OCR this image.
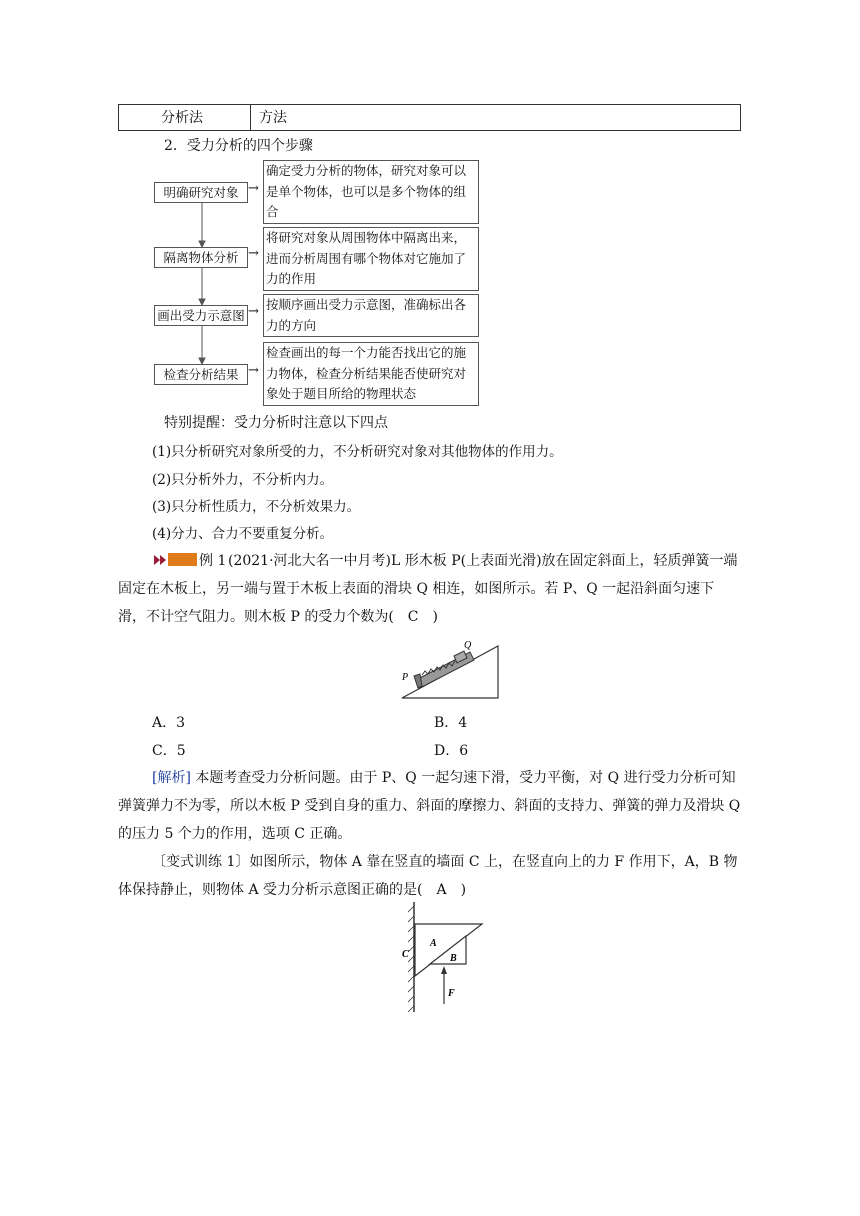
分析法	方法
2．受力分析的四个步骤
明确研究对象 →
确定受力分析的物体，研究对象可以是单个物体，也可以是多个物体的组合
隔离物体分析 →
将研究对象从周围物体中隔离出来，进而分析周围有哪个物体对它施加了力的作用
画出受力示意图 → 按顺序画出受力示意图，准确标出各力的方向
检查分析结果 →
检查画出的每一个力能否找出它的施力物体，检查分析结果能否使研究对象处于题目所给的物理状态
特别提醒：受力分析时注意以下四点
(1)只分析研究对象所受的力，不分析研究对象对其他物体的作用力。
(2)只分析外力，不分析内力。
(3)只分析性质力，不分析效果力。
(4)分力、合力不要重复分析。
例 1 (2021·河北大名一中月考)L 形木板 P(上表面光滑)放在固定斜面上，轻质弹簧一端固定在木板上，另一端与置于木板上表面的滑块 Q 相连，如图所示。若 P、Q 一起沿斜面匀速下滑，不计空气阻力。则木板 P 的受力个数为(　C　)
P
Q
A．3	B．4
C．5	D．6
[解析] 本题考查受力分析问题。由于 P、Q 一起匀速下滑，受力平衡，对 Q 进行受力分析可知弹簧弹力不为零，所以木板 P 受到自身的重力、斜面的摩擦力、斜面的支持力、弹簧的弹力及滑块 Q 的压力 5 个力的作用，选项 C 正确。
〔变式训练 1〕如图所示，物体 A 靠在竖直的墙面 C 上，在竖直向上的力 F 作用下，A，B 物体保持静止，则物体 A 受力分析示意图正确的是(　A　)
A
B
C
F
